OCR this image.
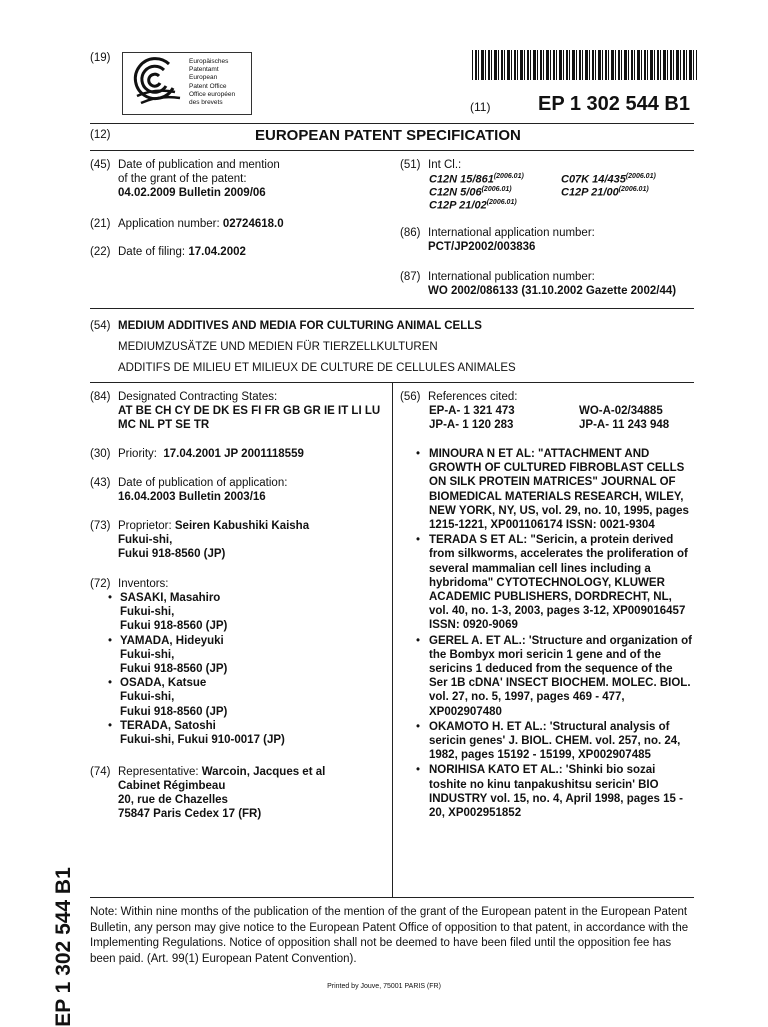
(19)	Europäisches
Patentamt
European
Patent Office
Office européen
des brevets	(11) EP 1 302 544 B1
(12)	EUROPEAN PATENT SPECIFICATION
(45) Date of publication and mention
of the grant of the patent:
04.02.2009 Bulletin 2009/06
(21) Application number: 02724618.0
(22) Date of filing: 17.04.2002
(51) Int Cl.:
C12N $15/861^{(2006.01)}$	C07K $14/435^{(2006.01)}$
C12N $5/06^{(2006.01)}$	C12P $21/00^{(2006.01)}$
C12P $21/02^{(2006.01)}$
(86) International application number:
PCT/JP2002/003836
(87) International publication number:
WO 2002/086133 (31.10.2002 Gazette 2002/44)
(54) MEDIUM ADDITIVES AND MEDIA FOR CULTURING ANIMAL CELLS
MEDIUMZUSÄTZE UND MEDIEN FÜR TIERZELLKULTUREN
ADDITIFS DE MILIEU ET MILIEUX DE CULTURE DE CELLULES ANIMALES
(84) Designated Contracting States:
AT BE CH CY DE DK ES FI FR GB GR IE IT LI LU
MC NL PT SE TR
(30) Priority: 17.04.2001 JP 2001118559
(43) Date of publication of application:
16.04.2003 Bulletin 2003/16
(73) Proprietor: Seiren Kabushiki Kaisha
Fukui-shi,
Fukui 918-8560 (JP)
(72) Inventors:
• SASAKI, Masahiro
Fukui-shi,
Fukui 918-8560 (JP)
• YAMADA, Hideyuki
Fukui-shi,
Fukui 918-8560 (JP)
• OSADA, Katsue
Fukui-shi,
Fukui 918-8560 (JP)
• TERADA, Satoshi
Fukui-shi, Fukui 910-0017 (JP)
(74) Representative: Warcoin, Jacques et al
Cabinet Régimbeau
20, rue de Chazelles
75847 Paris Cedex 17 (FR)
(56) References cited:
EP-A- 1 321 473	WO-A-02/34885
JP-A- 1 120 283	JP-A- 11 243 948
• MINOURA N ET AL: "ATTACHMENT AND GROWTH OF CULTURED FIBROBLAST CELLS ON SILK PROTEIN MATRICES" JOURNAL OF BIOMEDICAL MATERIALS RESEARCH, WILEY, NEW YORK, NY, US, vol. 29, no. 10, 1995, pages 1215-1221, XP001106174 ISSN: 0021-9304
• TERADA S ET AL: "Sericin, a protein derived from silkworms, accelerates the proliferation of several mammalian cell lines including a hybridoma" CYTOTECHNOLOGY, KLUWER ACADEMIC PUBLISHERS, DORDRECHT, NL, vol. 40, no. 1-3, 2003, pages 3-12, XP009016457 ISSN: 0920-9069
• GEREL A. ET AL.: 'Structure and organization of the Bombyx mori sericin 1 gene and of the sericins 1 deduced from the sequence of the Ser 1B cDNA' INSECT BIOCHEM. MOLEC. BIOL. vol. 27, no. 5, 1997, pages 469 - 477, XP002907480
• OKAMOTO H. ET AL.: 'Structural analysis of sericin genes' J. BIOL. CHEM. vol. 257, no. 24, 1982, pages 15192 - 15199, XP002907485
• NORIHISA KATO ET AL.: 'Shinki bio sozai toshite no kinu tanpakushitsu sericin' BIO INDUSTRY vol. 15, no. 4, April 1998, pages 15 - 20, XP002951852
Note: Within nine months of the publication of the mention of the grant of the European patent in the European Patent Bulletin, any person may give notice to the European Patent Office of opposition to that patent, in accordance with the Implementing Regulations. Notice of opposition shall not be deemed to have been filed until the opposition fee has been paid. (Art. 99(1) European Patent Convention).
Printed by Jouve, 75001 PARIS (FR)
EP 1 302 544 B1
